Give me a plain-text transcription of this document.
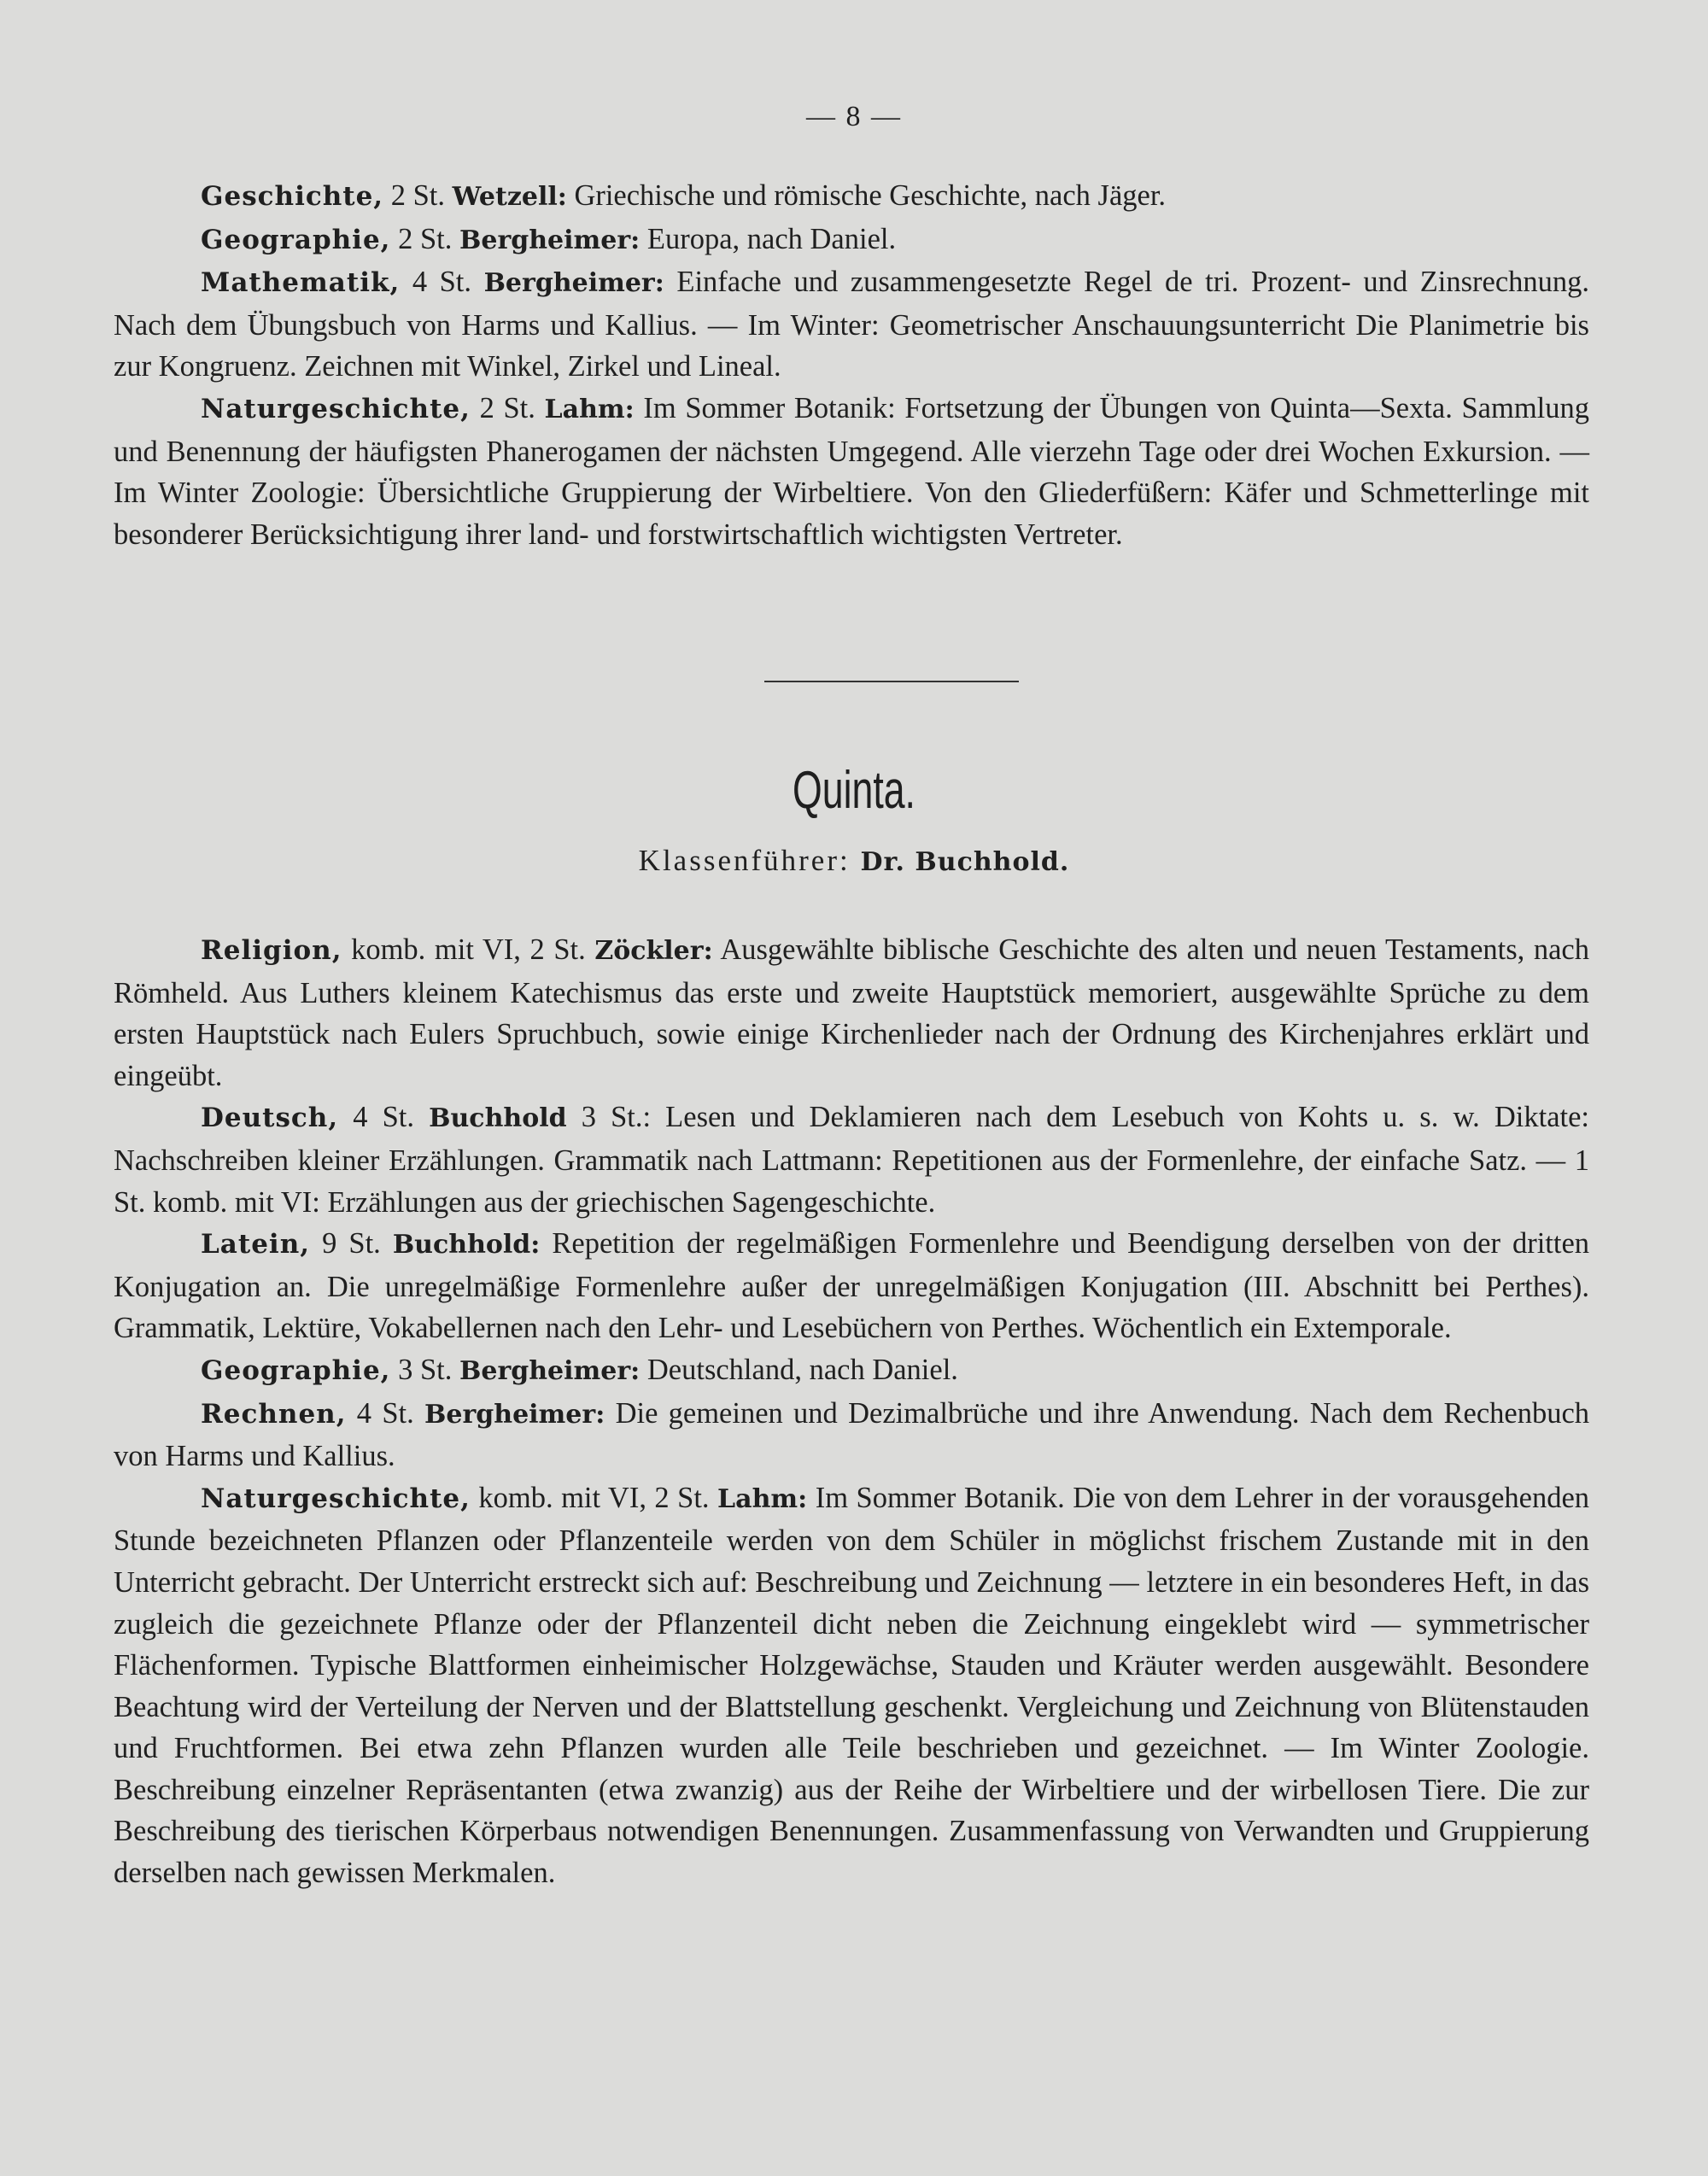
— 8 —

Geschichte, 2 St. Wetzell: Griechische und römische Geschichte, nach Jäger.

Geographie, 2 St. Bergheimer: Europa, nach Daniel.

Mathematik, 4 St. Bergheimer: Einfache und zusammengesetzte Regel de tri. Prozent- und Zinsrechnung. Nach dem Übungsbuch von Harms und Kallius. — Im Winter: Geometrischer Anschauungsunterricht Die Planimetrie bis zur Kongruenz. Zeichnen mit Winkel, Zirkel und Lineal.

Naturgeschichte, 2 St. Lahm: Im Sommer Botanik: Fortsetzung der Übungen von Quinta—Sexta. Sammlung und Benennung der häufigsten Phanerogamen der nächsten Umgegend. Alle vierzehn Tage oder drei Wochen Exkursion. — Im Winter Zoologie: Übersichtliche Gruppierung der Wirbeltiere. Von den Gliederfüßern: Käfer und Schmetterlinge mit besonderer Berücksichtigung ihrer land- und forstwirtschaftlich wichtigsten Vertreter.

Quinta.
Klassenführer: Dr. Buchhold.

Religion, komb. mit VI, 2 St. Zöckler: Ausgewählte biblische Geschichte des alten und neuen Testaments, nach Römheld. Aus Luthers kleinem Katechismus das erste und zweite Hauptstück memoriert, ausgewählte Sprüche zu dem ersten Hauptstück nach Eulers Spruchbuch, sowie einige Kirchenlieder nach der Ordnung des Kirchenjahres erklärt und eingeübt.

Deutsch, 4 St. Buchhold 3 St.: Lesen und Deklamieren nach dem Lesebuch von Kohts u. s. w. Diktate: Nachschreiben kleiner Erzählungen. Grammatik nach Lattmann: Repetitionen aus der Formenlehre, der einfache Satz. — 1 St. komb. mit VI: Erzählungen aus der griechischen Sagengeschichte.

Latein, 9 St. Buchhold: Repetition der regelmäßigen Formenlehre und Beendigung derselben von der dritten Konjugation an. Die unregelmäßige Formenlehre außer der unregelmäßigen Konjugation (III. Abschnitt bei Perthes). Grammatik, Lektüre, Vokabellernen nach den Lehr- und Lesebüchern von Perthes. Wöchentlich ein Extemporale.

Geographie, 3 St. Bergheimer: Deutschland, nach Daniel.

Rechnen, 4 St. Bergheimer: Die gemeinen und Dezimalbrüche und ihre Anwendung. Nach dem Rechenbuch von Harms und Kallius.

Naturgeschichte, komb. mit VI, 2 St. Lahm: Im Sommer Botanik. Die von dem Lehrer in der vorausgehenden Stunde bezeichneten Pflanzen oder Pflanzenteile werden von dem Schüler in möglichst frischem Zustande mit in den Unterricht gebracht. Der Unterricht erstreckt sich auf: Beschreibung und Zeichnung — letztere in ein besonderes Heft, in das zugleich die gezeichnete Pflanze oder der Pflanzenteil dicht neben die Zeichnung eingeklebt wird — symmetrischer Flächenformen. Typische Blattformen einheimischer Holzgewächse, Stauden und Kräuter werden ausgewählt. Besondere Beachtung wird der Verteilung der Nerven und der Blattstellung geschenkt. Vergleichung und Zeichnung von Blütenstauden und Fruchtformen. Bei etwa zehn Pflanzen wurden alle Teile beschrieben und gezeichnet. — Im Winter Zoologie. Beschreibung einzelner Repräsentanten (etwa zwanzig) aus der Reihe der Wirbeltiere und der wirbellosen Tiere. Die zur Beschreibung des tierischen Körperbaus notwendigen Benennungen. Zusammenfassung von Verwandten und Gruppierung derselben nach gewissen Merkmalen.
